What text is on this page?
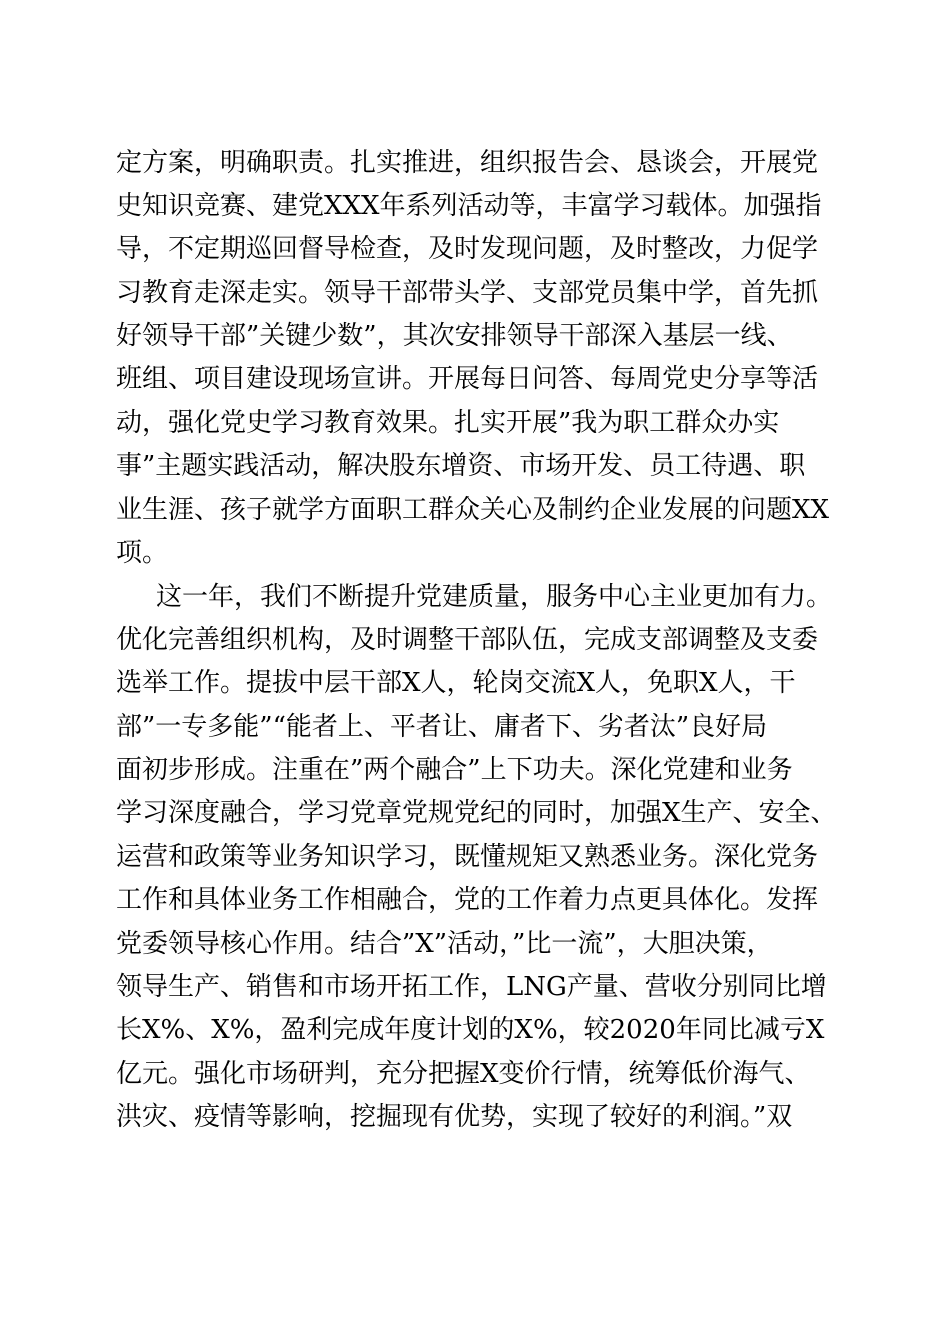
定方案，明确职责。扎实推进，组织报告会、恳谈会，开展党
史知识竞赛、建党XXX年系列活动等，丰富学习载体。加强指
导，不定期巡回督导检查，及时发现问题，及时整改，力促学
习教育走深走实。领导干部带头学、支部党员集中学，首先抓
好领导干部”关键少数”，其次安排领导干部深入基层一线、
班组、项目建设现场宣讲。开展每日问答、每周党史分享等活
动，强化党史学习教育效果。扎实开展”我为职工群众办实
事”主题实践活动，解决股东增资、市场开发、员工待遇、职
业生涯、孩子就学方面职工群众关心及制约企业发展的问题XX
项。
这一年，我们不断提升党建质量，服务中心主业更加有力。
优化完善组织机构，及时调整干部队伍，完成支部调整及支委
选举工作。提拔中层干部X人，轮岗交流X人，免职X人，干
部”一专多能”“能者上、平者让、庸者下、劣者汰”良好局
面初步形成。注重在”两个融合”上下功夫。深化党建和业务
学习深度融合，学习党章党规党纪的同时，加强X生产、安全、
运营和政策等业务知识学习，既懂规矩又熟悉业务。深化党务
工作和具体业务工作相融合，党的工作着力点更具体化。发挥
党委领导核心作用。结合”X”活动，”比一流”，大胆决策，
领导生产、销售和市场开拓工作，LNG产量、营收分别同比增
长X%、X%，盈利完成年度计划的X%，较2020年同比减亏X
亿元。强化市场研判，充分把握X变价行情，统筹低价海气、
洪灾、疫情等影响，挖掘现有优势，实现了较好的利润。”双
